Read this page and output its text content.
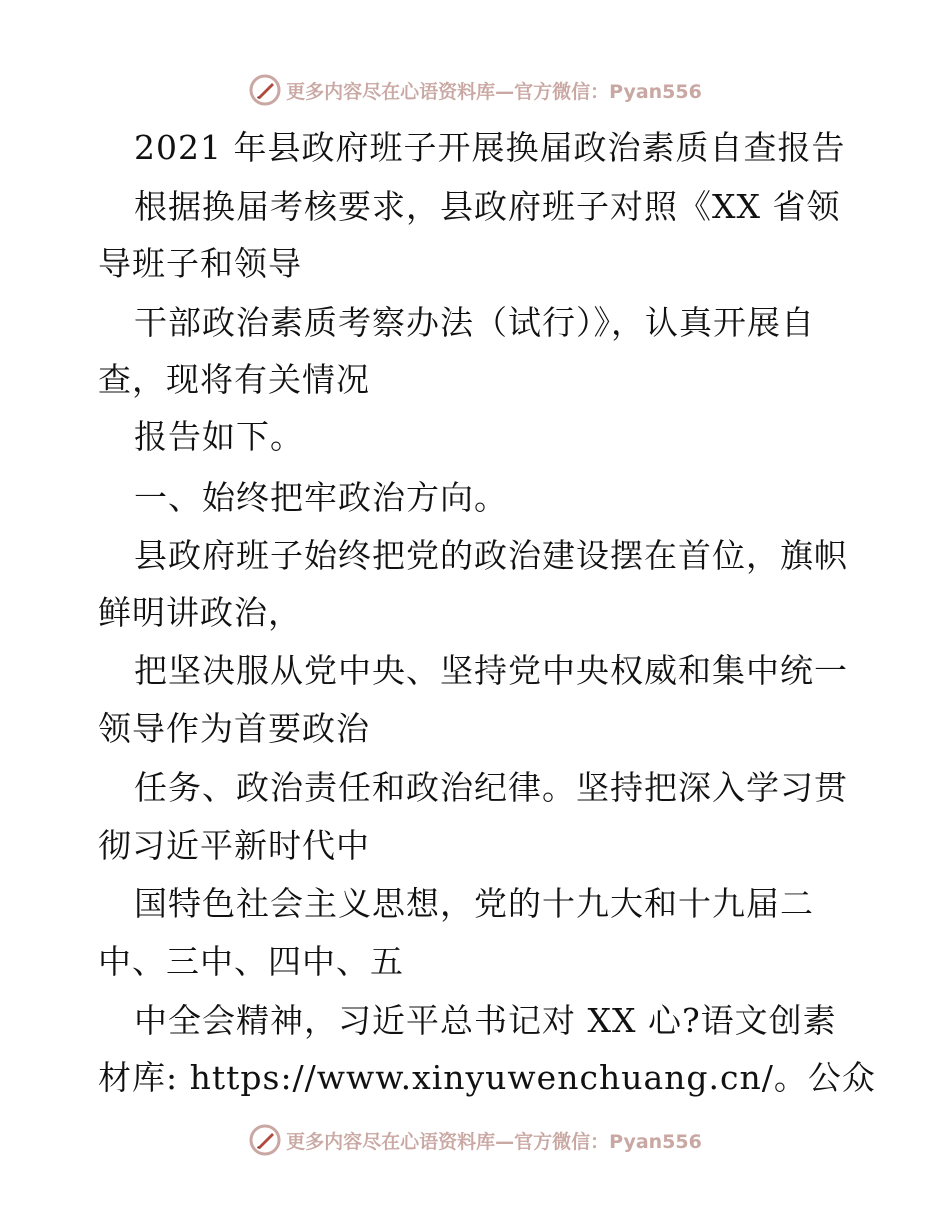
更多内容尽在心语资料库— 官方微信：Pyan556
2021 年县政府班子开展换届政治素质自查报告
根据换届考核要求，县政府班子对照《XX 省领
导班子和领导
干部政治素质考察办法（试行）》，认真开展自
查，现将有关情况
报告如下。
一、始终把牢政治方向。
县政府班子始终把党的政治建设摆在首位，旗帜
鲜明讲政治，
把坚决服从党中央、坚持党中央权威和集中统一
领导作为首要政治
任务、政治责任和政治纪律。坚持把深入学习贯
彻习近平新时代中
国特色社会主义思想，党的十九大和十九届二
中、三中、四中、五
中全会精神，习近平总书记对 XX 心?语文创素
材库: https://www.xinyuwenchuang.cn/。公众
更多内容尽在心语资料库— 官方微信：Pyan556
